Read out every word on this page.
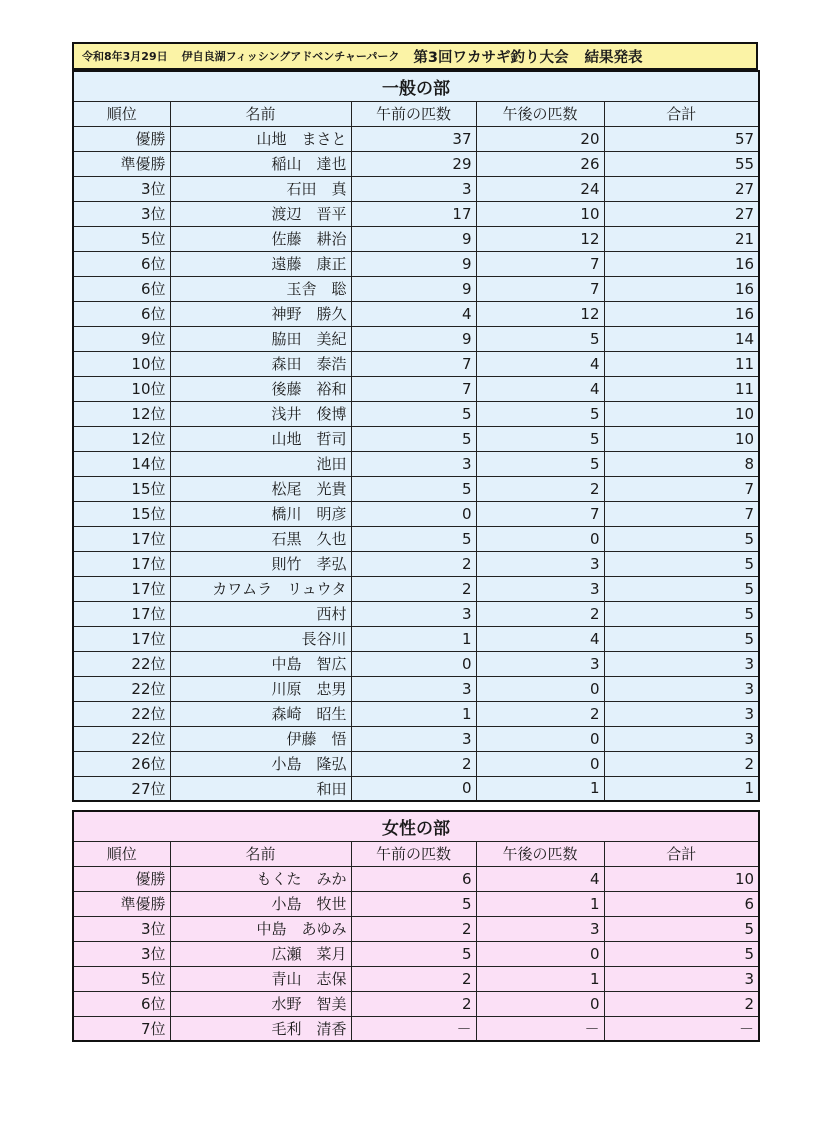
令和8年3月29日 伊自良湖フィッシングアドベンチャーパーク 第3回ワカサギ釣り大会 結果発表
一般の部				
順位	名前	午前の匹数	午後の匹数	合計
優勝	山地　まさと	37	20	57
準優勝	稲山　達也	29	26	55
3位	石田　真	3	24	27
3位	渡辺　晋平	17	10	27
5位	佐藤　耕治	9	12	21
6位	遠藤　康正	9	7	16
6位	玉舎　聡	9	7	16
6位	神野　勝久	4	12	16
9位	脇田　美紀	9	5	14
10位	森田　泰浩	7	4	11
10位	後藤　裕和	7	4	11
12位	浅井　俊博	5	5	10
12位	山地　哲司	5	5	10
14位	池田	3	5	8
15位	松尾　光貴	5	2	7
15位	橋川　明彦	0	7	7
17位	石黒　久也	5	0	5
17位	則竹　孝弘	2	3	5
17位	カワムラ　リュウタ	2	3	5
17位	西村	3	2	5
17位	長谷川	1	4	5
22位	中島　智広	0	3	3
22位	川原　忠男	3	0	3
22位	森崎　昭生	1	2	3
22位	伊藤　悟	3	0	3
26位	小島　隆弘	2	0	2
27位	和田	0	1	1
女性の部				
順位	名前	午前の匹数	午後の匹数	合計
優勝	もくた　みか	6	4	10
準優勝	小島　牧世	5	1	6
3位	中島　あゆみ	2	3	5
3位	広瀬　菜月	5	0	5
5位	青山　志保	2	1	3
6位	水野　智美	2	0	2
7位	毛利　清香	－	－	－
